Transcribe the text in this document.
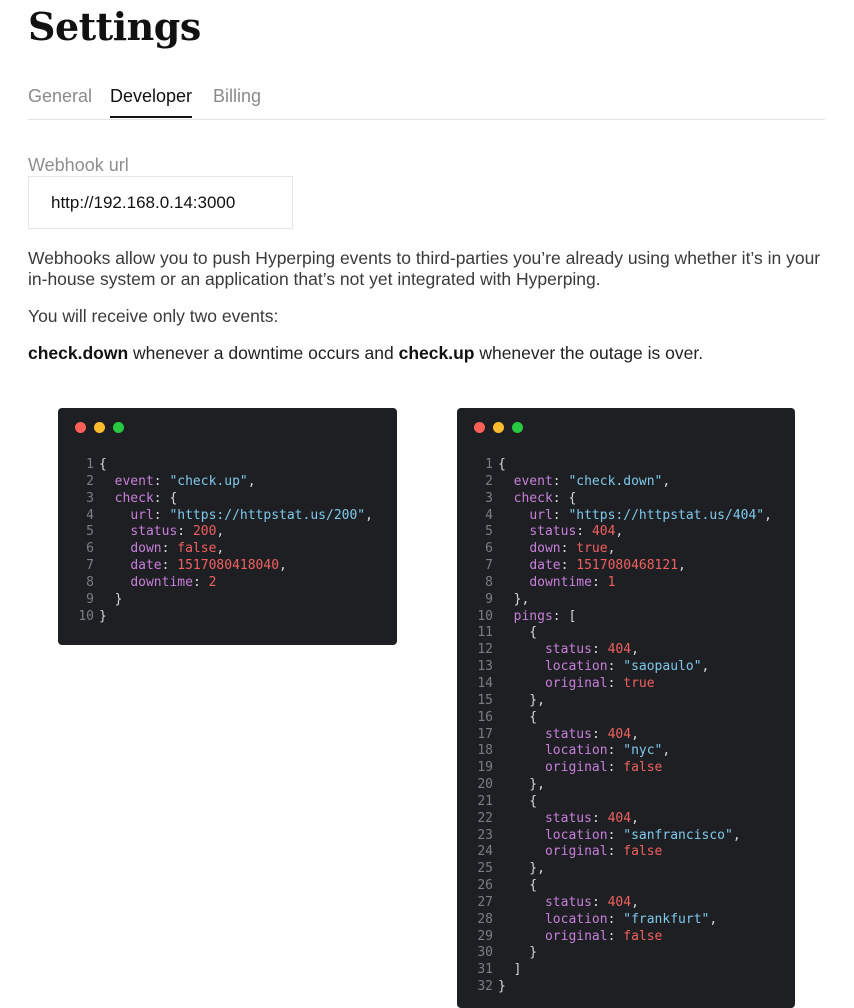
Settings
General Developer Billing
Webhook url
http://192.168.0.14:3000

Webhooks allow you to push Hyperping events to third-parties you’re already using whether it’s in your in-house system or an application that’s not yet integrated with Hyperping.

You will receive only two events:

check.down whenever a downtime occurs and check.up whenever the outage is over.

1 {
2 event: "check.up",
3 check: {
4	url: "https://httpstat.us/200",
5	status: 200,
6	down: false,
7	date: 1517080418040,
8	downtime: 2
9  }
10 }
1 {
2 event: "check.down",
3 check: {
4	url: "https://httpstat.us/404",
5	status: 404,
6	down: true,
7	date: 1517080468121,
8	downtime: 1
9  },
10 pings: [
11    {
12	status: 404,
13	location: "saopaulo",
14	original: true
15    },
16    {
17	status: 404,
18	location: "nyc",
19	original: false
20    },
21    {
22	status: 404,
23	location: "sanfrancisco",
24	original: false
25    },
26    {
27	status: 404,
28	location: "frankfurt",
29	original: false
30    }
31  ]
32 }
